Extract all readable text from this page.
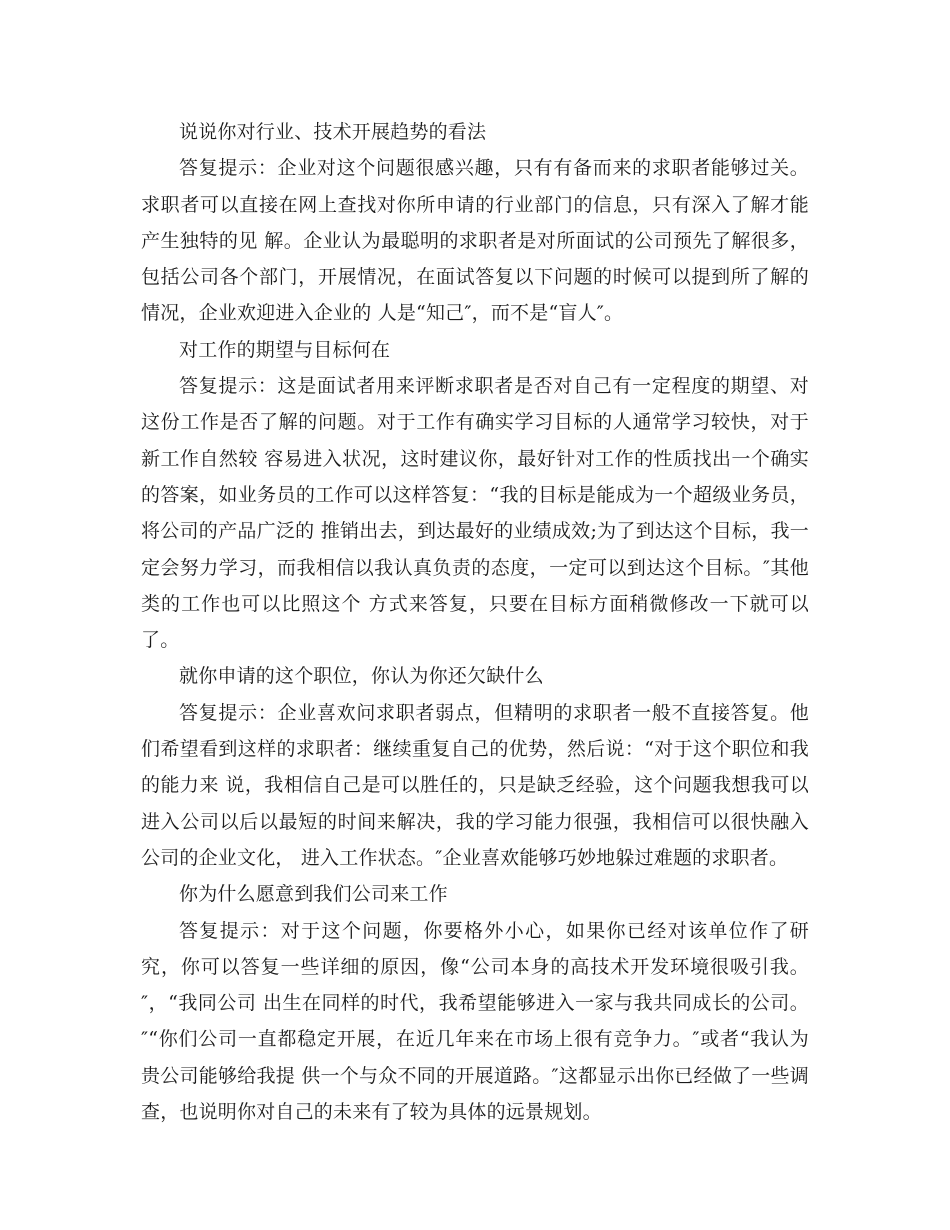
说说你对行业、技术开展趋势的看法

答复提示：企业对这个问题很感兴趣，只有有备而来的求职者能够过关。求职者可以直接在网上查找对你所申请的行业部门的信息，只有深入了解才能产生独特的见 解。企业认为最聪明的求职者是对所面试的公司预先了解很多，包括公司各个部门，开展情况，在面试答复以下问题的时候可以提到所了解的情况，企业欢迎进入企业的 人是“知己″，而不是“盲人″。

对工作的期望与目标何在

答复提示：这是面试者用来评断求职者是否对自己有一定程度的期望、对这份工作是否了解的问题。对于工作有确实学习目标的人通常学习较快，对于新工作自然较 容易进入状况，这时建议你，最好针对工作的性质找出一个确实的答案，如业务员的工作可以这样答复：“我的目标是能成为一个超级业务员，将公司的产品广泛的 推销出去，到达最好的业绩成效;为了到达这个目标，我一定会努力学习，而我相信以我认真负责的态度，一定可以到达这个目标。″其他类的工作也可以比照这个 方式来答复，只要在目标方面稍微修改一下就可以了。

就你申请的这个职位，你认为你还欠缺什么

答复提示：企业喜欢问求职者弱点，但精明的求职者一般不直接答复。他们希望看到这样的求职者：继续重复自己的优势，然后说：“对于这个职位和我的能力来 说，我相信自己是可以胜任的，只是缺乏经验，这个问题我想我可以进入公司以后以最短的时间来解决，我的学习能力很强，我相信可以很快融入公司的企业文化， 进入工作状态。″企业喜欢能够巧妙地躲过难题的求职者。

你为什么愿意到我们公司来工作

答复提示：对于这个问题，你要格外小心，如果你已经对该单位作了研究，你可以答复一些详细的原因，像“公司本身的高技术开发环境很吸引我。″，“我同公司 出生在同样的时代，我希望能够进入一家与我共同成长的公司。″“你们公司一直都稳定开展，在近几年来在市场上很有竞争力。″或者“我认为贵公司能够给我提 供一个与众不同的开展道路。″这都显示出你已经做了一些调查，也说明你对自己的未来有了较为具体的远景规划。
